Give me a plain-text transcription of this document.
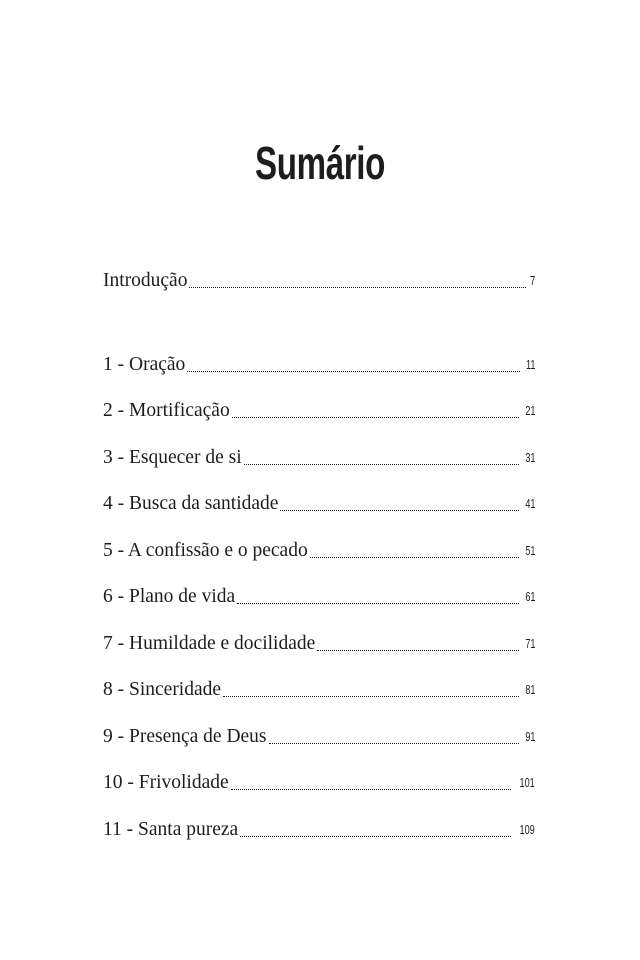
Sumário
Introdução	7
1 - Oração	11
2 - Mortificação	21
3 - Esquecer de si	31
4 - Busca da santidade	41
5 - A confissão e o pecado	51
6 - Plano de vida	61
7 - Humildade e docilidade	71
8 - Sinceridade	81
9 - Presença de Deus	91
10 - Frivolidade	101
11 - Santa pureza	109
